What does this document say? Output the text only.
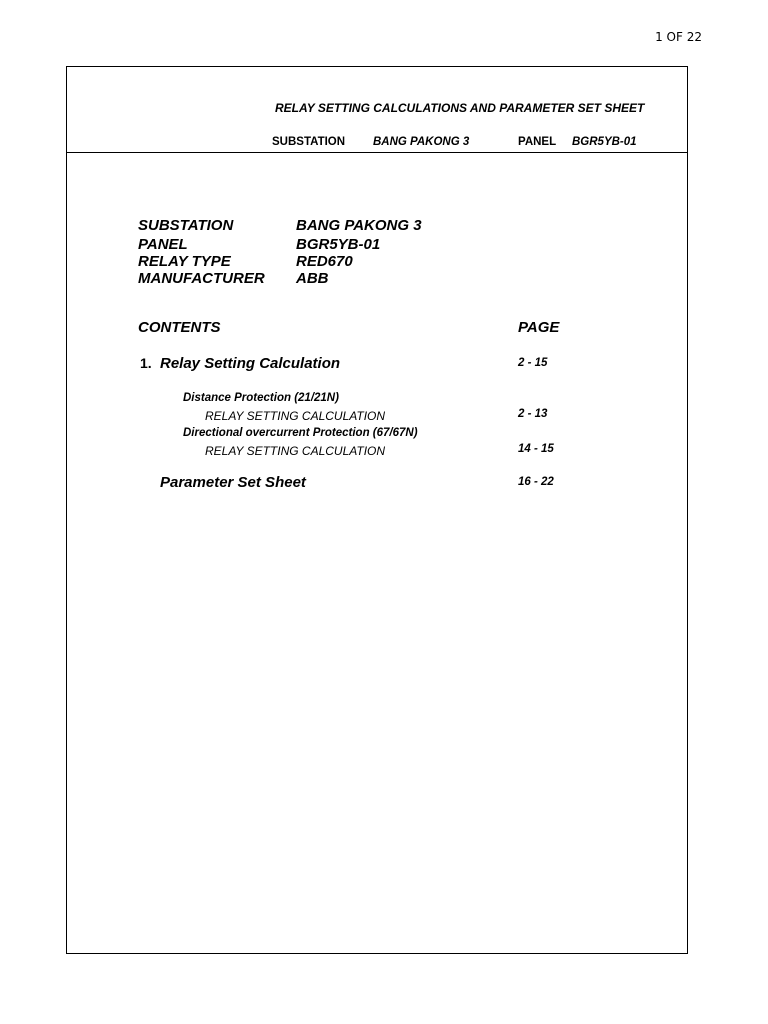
1 OF 22
RELAY SETTING CALCULATIONS AND PARAMETER SET SHEET
SUBSTATION BANG PAKONG 3	PANEL BGR5YB-01
SUBSTATION	BANG PAKONG 3
PANEL	BGR5YB-01
RELAY TYPE	RED670
MANUFACTURER ABB
CONTENTS	PAGE
1. Relay Setting Calculation	2 - 15
Distance Protection (21/21N)
RELAY SETTING CALCULATION	2 - 13
Directional overcurrent Protection (67/67N)
RELAY SETTING CALCULATION	14 - 15
Parameter Set Sheet	16 - 22
